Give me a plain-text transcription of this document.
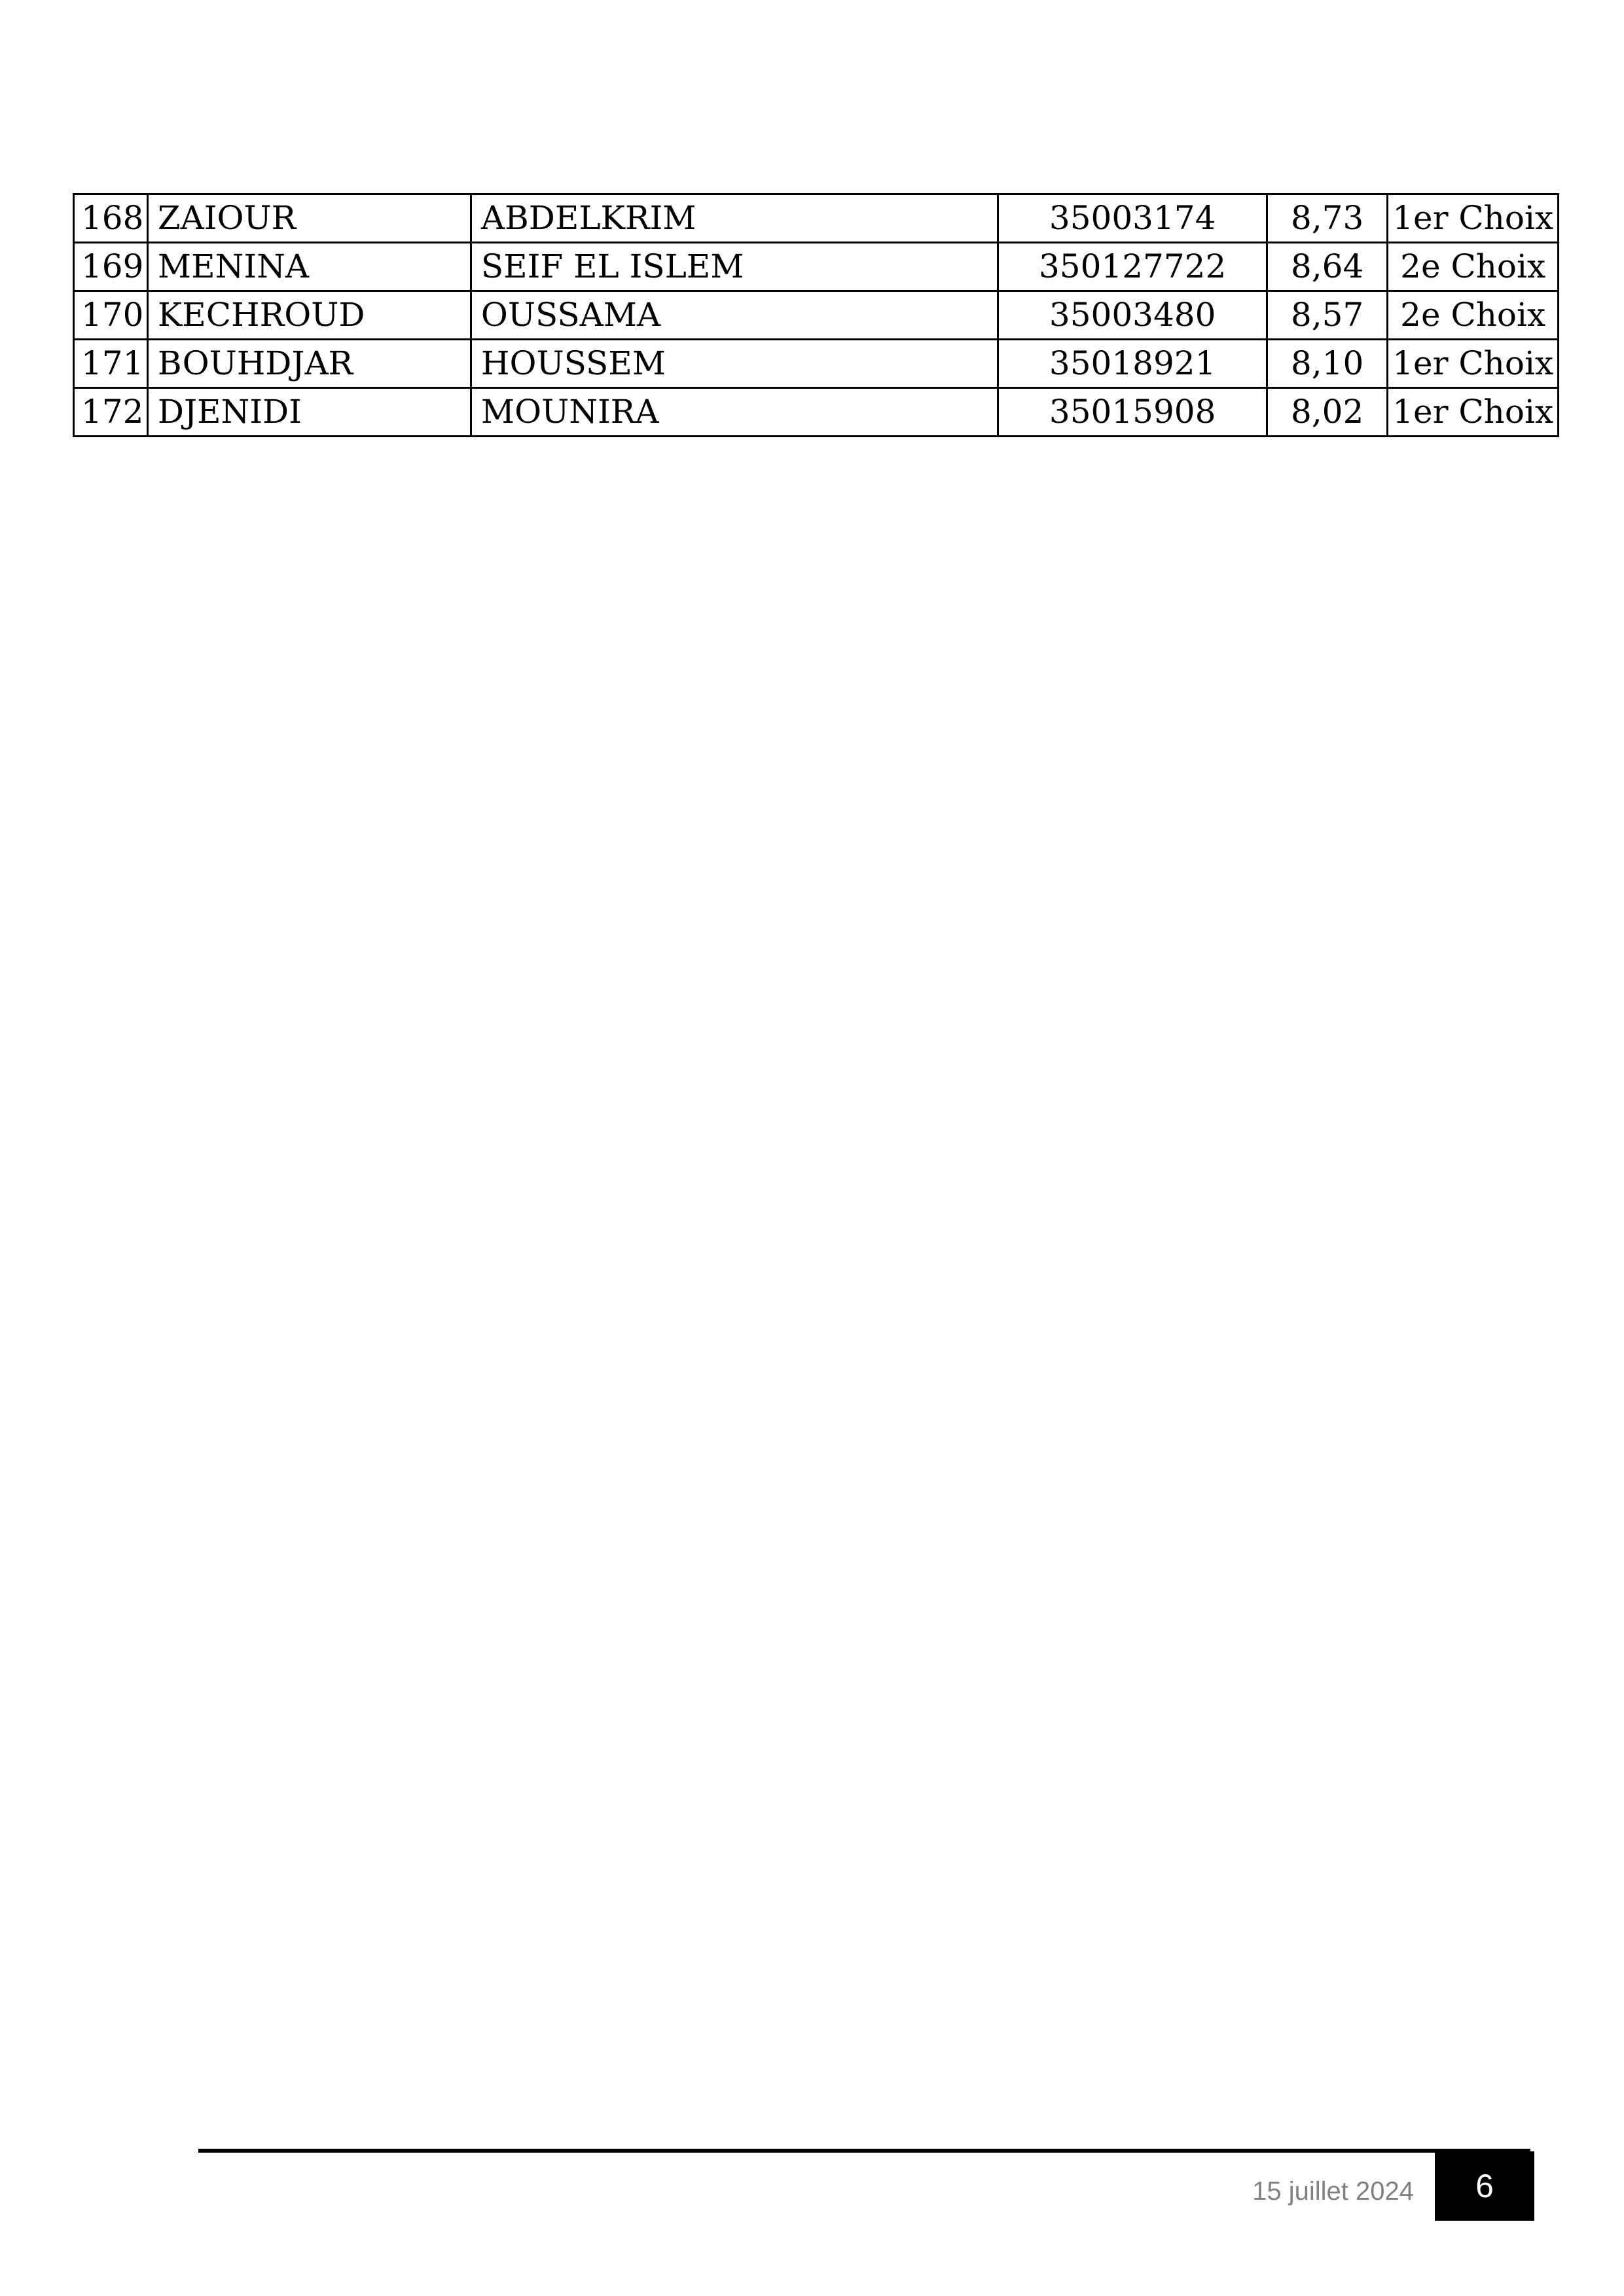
168	ZAIOUR	ABDELKRIM	35003174	8,73	1er Choix
169	MENINA	SEIF EL ISLEM	350127722	8,64	2e Choix
170	KECHROUD	OUSSAMA	35003480	8,57	2e Choix
171	BOUHDJAR	HOUSSEM	35018921	8,10	1er Choix
172	DJENIDI	MOUNIRA	35015908	8,02	1er Choix
15 juillet 2024	6
